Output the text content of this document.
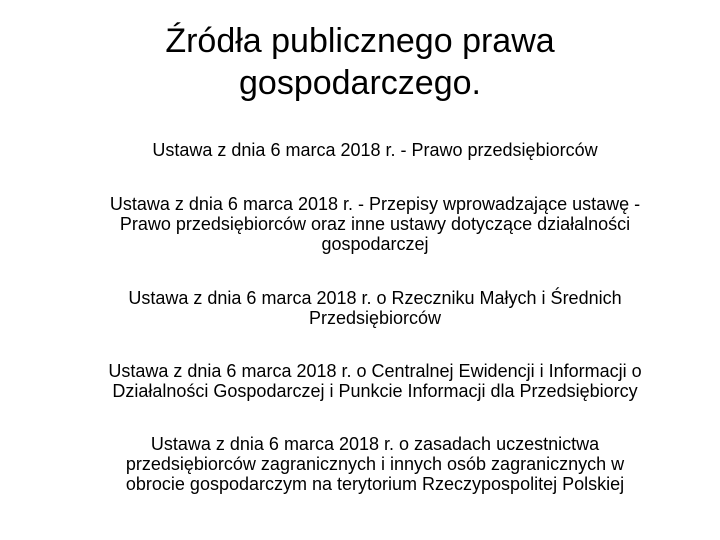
Źródła publicznego prawa
gospodarczego.

Ustawa z dnia 6 marca 2018 r. - Prawo przedsiębiorców

Ustawa z dnia 6 marca 2018 r. - Przepisy wprowadzające ustawę -
Prawo przedsiębiorców oraz inne ustawy dotyczące działalności
gospodarczej

Ustawa z dnia 6 marca 2018 r. o Rzeczniku Małych i Średnich
Przedsiębiorców

Ustawa z dnia 6 marca 2018 r. o Centralnej Ewidencji i Informacji o
Działalności Gospodarczej i Punkcie Informacji dla Przedsiębiorcy

Ustawa z dnia 6 marca 2018 r. o zasadach uczestnictwa
przedsiębiorców zagranicznych i innych osób zagranicznych w
obrocie gospodarczym na terytorium Rzeczypospolitej Polskiej
